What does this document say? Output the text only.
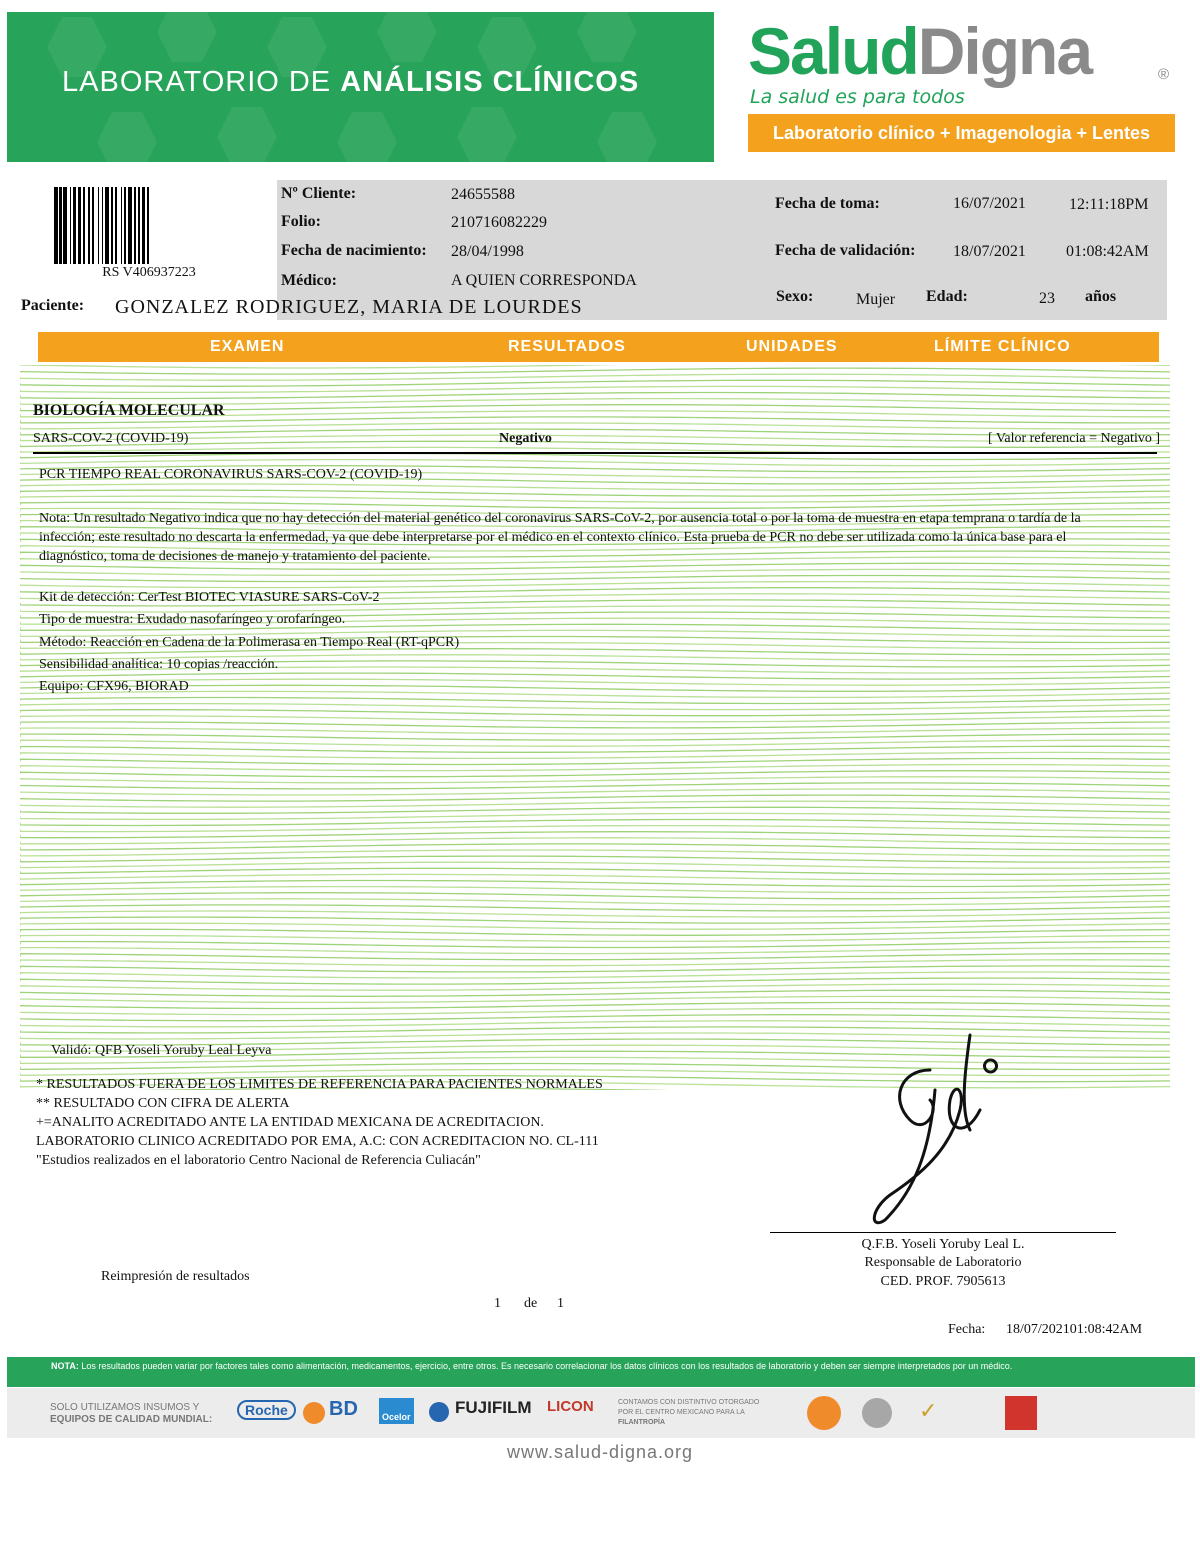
LABORATORIO DE ANÁLISIS CLÍNICOS SaludDigna	®
La salud es para todos
Laboratorio clínico + Imagenologia + Lentes
RS V406937223
Nº Cliente:	24655588
Folio:	210716082229
Fecha de nacimiento: 28/04/1998
Médico:	A QUIEN CORRESPONDA
Paciente: GONZALEZ RODRIGUEZ, MARIA DE LOURDES
Fecha de toma:	16/07/2021	12:11:18PM
Fecha de validación: 18/07/2021	01:08:42AM
Sexo:	Mujer Edad:	23 años
EXAMEN	RESULTADOS	UNIDADES	LÍMITE CLÍNICO
BIOLOGÍA MOLECULAR
SARS-COV-2 (COVID-19)	Negativo	[ Valor referencia = Negativo ]
PCR TIEMPO REAL CORONAVIRUS SARS-COV-2 (COVID-19)
Nota: Un resultado Negativo indica que no hay detección del material genético del coronavirus SARS-CoV-2, por ausencia total o por la toma de muestra en etapa temprana o tardía de la infección; este resultado no descarta la enfermedad, ya que debe interpretarse por el médico en el contexto clínico. Esta prueba de PCR no debe ser utilizada como la única base para el diagnóstico, toma de decisiones de manejo y tratamiento del paciente.
Kit de detección: CerTest BIOTEC VIASURE SARS-CoV-2
Tipo de muestra: Exudado nasofaríngeo y orofaríngeo.
Método: Reacción en Cadena de la Polimerasa en Tiempo Real (RT-qPCR)
Sensibilidad analítica: 10 copias /reacción.
Equipo: CFX96, BIORAD
Validó: QFB Yoseli Yoruby Leal Leyva
* RESULTADOS FUERA DE LOS LIMITES DE REFERENCIA PARA PACIENTES NORMALES
** RESULTADO CON CIFRA DE ALERTA
+=ANALITO ACREDITADO ANTE LA ENTIDAD MEXICANA DE ACREDITACION.
LABORATORIO CLINICO ACREDITADO POR EMA, A.C: CON ACREDITACION NO. CL-111
"Estudios realizados en el laboratorio Centro Nacional de Referencia Culiacán"
Q.F.B. Yoseli Yoruby Leal L.
Responsable de Laboratorio
CED. PROF. 7905613
Reimpresión de resultados
1 de 1
Fecha: 18/07/202101:08:42AM
NOTA: Los resultados pueden variar por factores tales como alimentación, medicamentos, ejercicio, entre otros. Es necesario correlacionar los datos clínicos con los resultados de laboratorio y deben ser siempre interpretados por un médico.
SOLO UTILIZAMOS INSUMOS Y
EQUIPOS DE CALIDAD MUNDIAL:
Roche	BD	Ocelor	FUJIFILM LICON	CONTAMOS CON DISTINTIVO OTORGADO
POR EL CENTRO MEXICANO PARA LA
FILANTROPÍA	✓
www.salud-digna.org
